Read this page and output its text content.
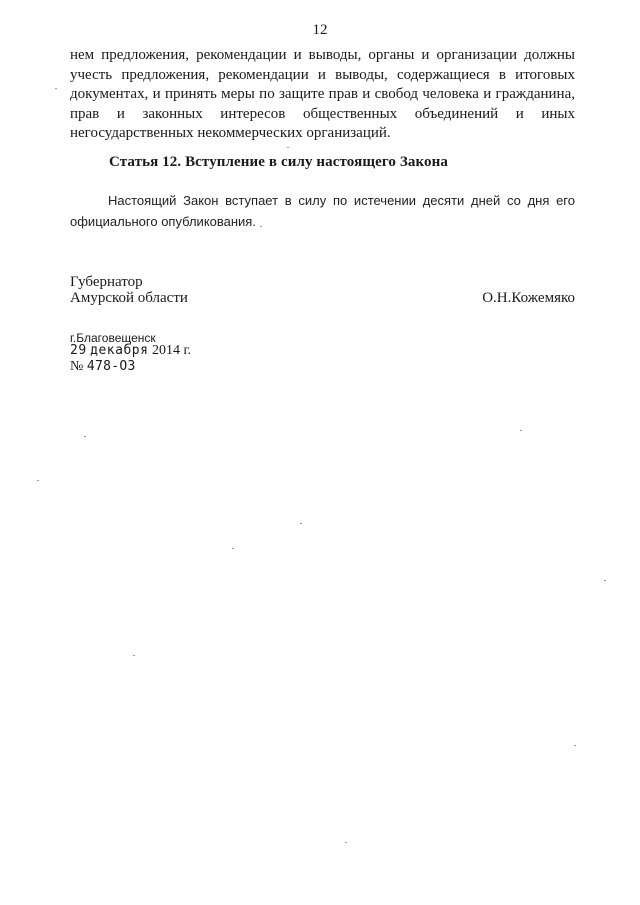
12
нем предложения, рекомендации и выводы, органы и организации должны
учесть предложения, рекомендации и выводы, содержащиеся в итоговых
документах, и принять меры по защите прав и свобод человека и гражданина,
прав и законных интересов общественных объединений и иных
негосударственных некоммерческих организаций.
Статья 12. Вступление в силу настоящего Закона
Настоящий Закон вступает в силу по истечении десяти дней со дня его
официального опубликования.
Губернатор
Амурской области	О.Н.Кожемяко
г.Благовещенск
29 декабря 2014 г.
№ 478-ОЗ
